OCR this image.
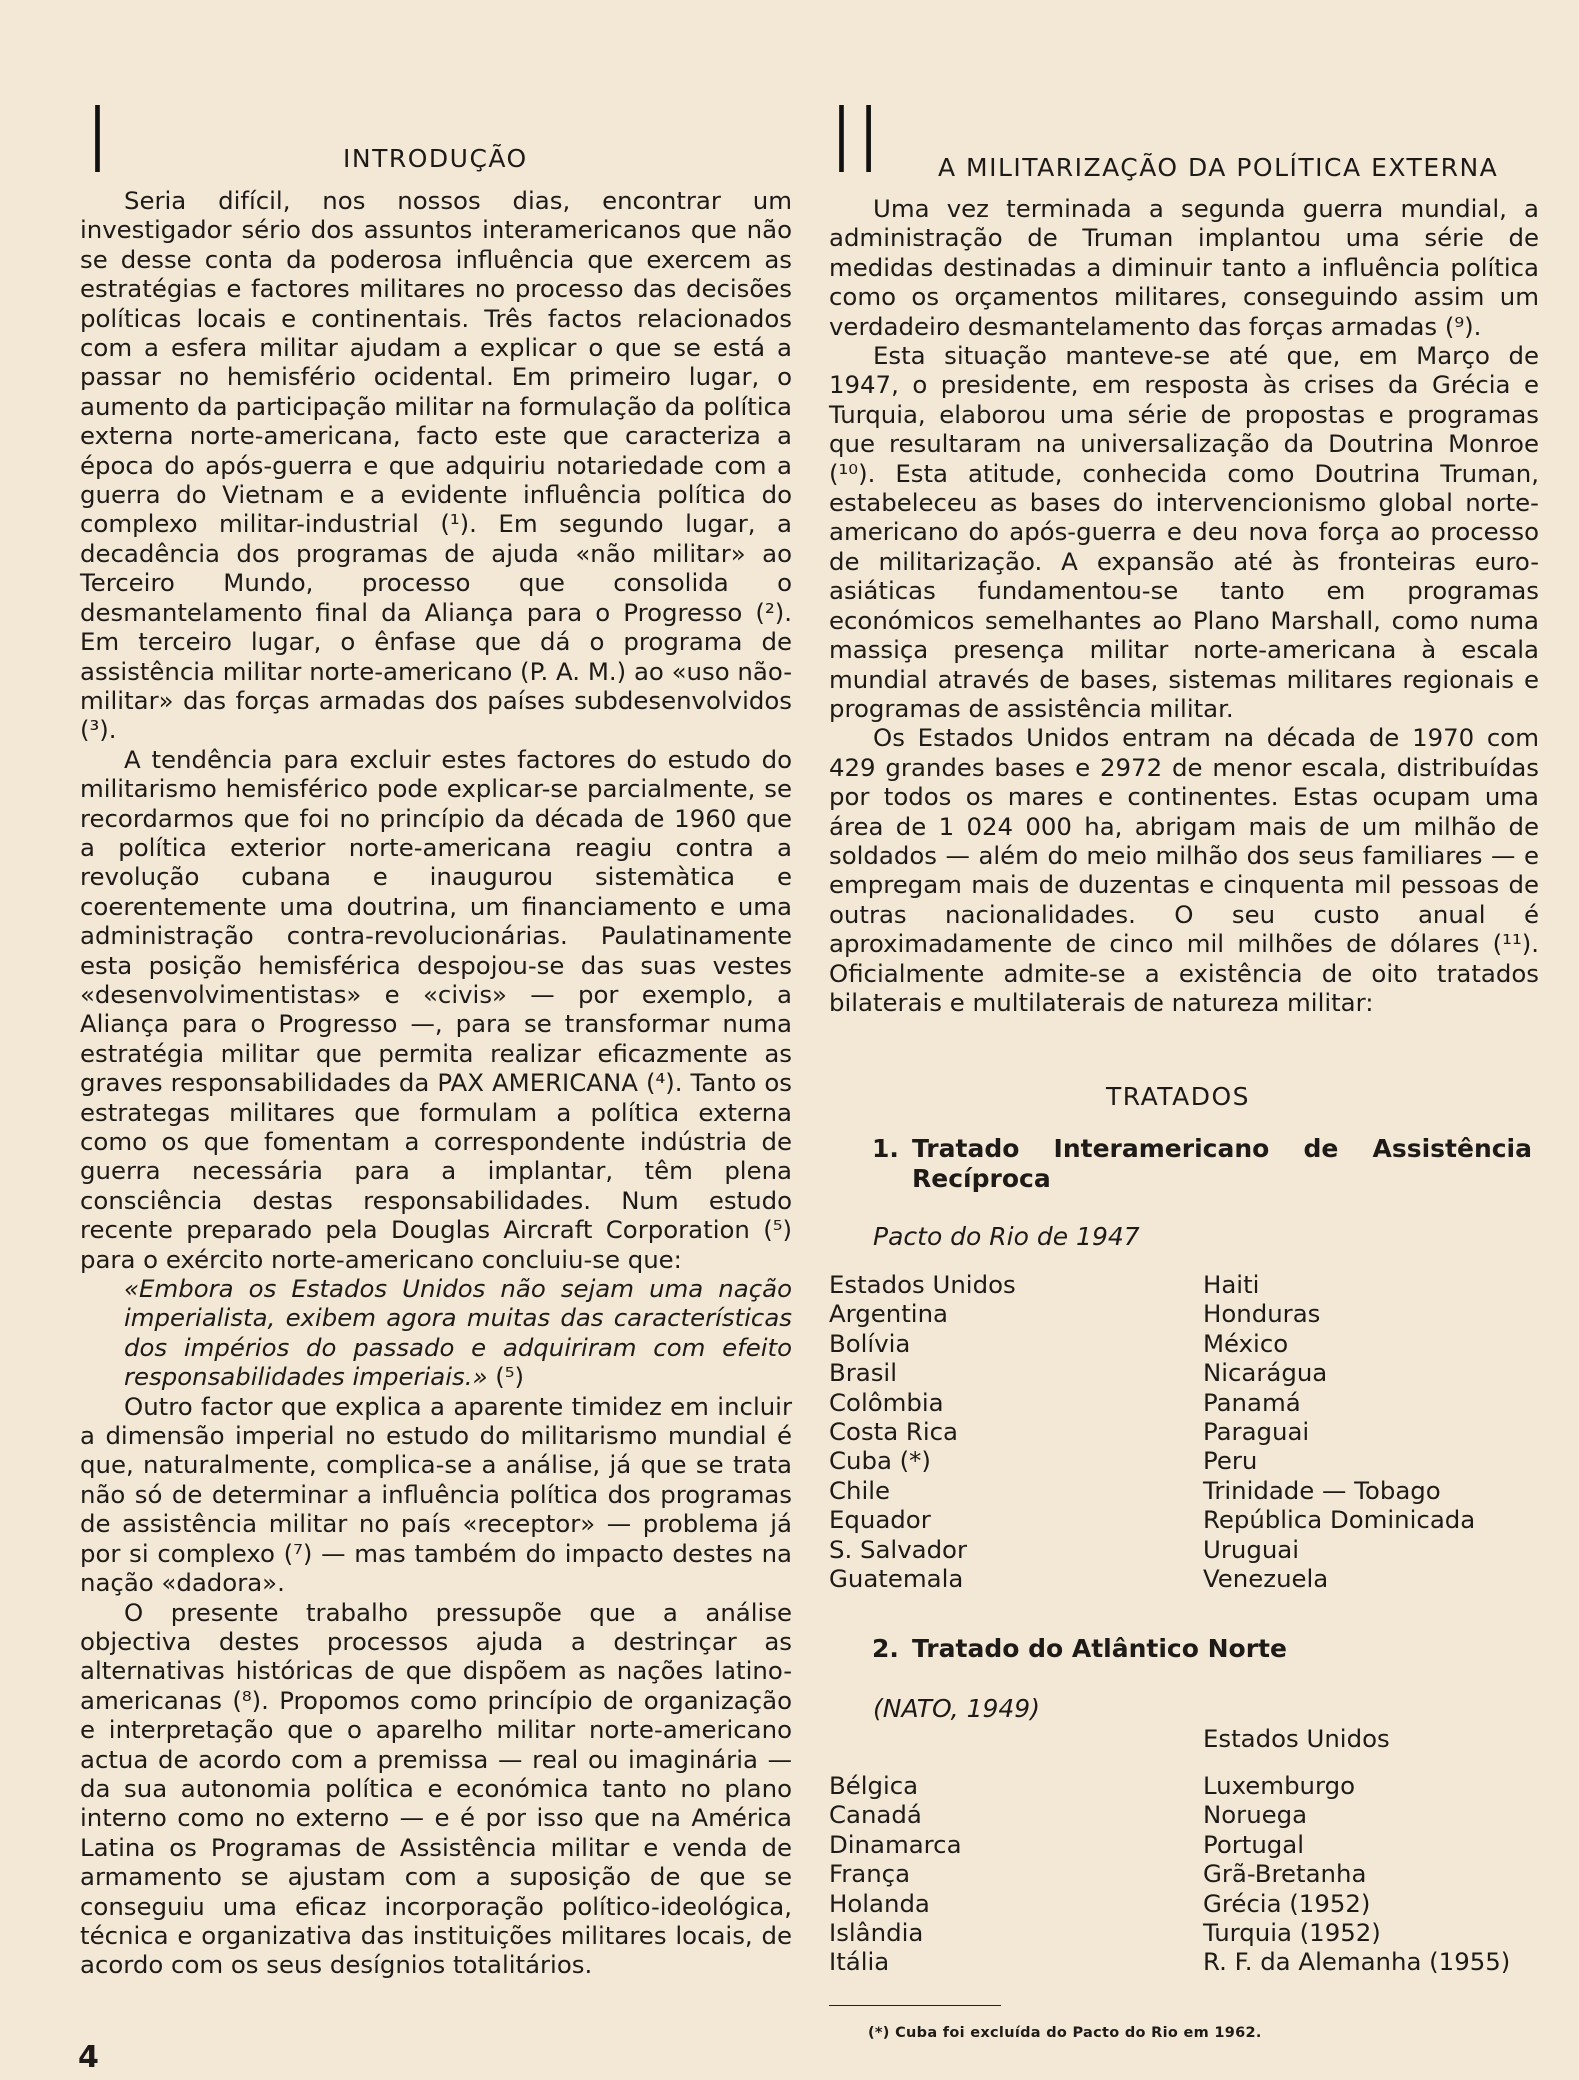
I	INTRODUÇÃO

Seria difícil, nos nossos dias, encontrar um investigador sério dos assuntos interamericanos que não se desse conta da poderosa influência que exercem as estratégias e factores militares no processo das decisões políticas locais e continentais. Três factos relacionados com a esfera militar ajudam a explicar o que se está a passar no hemisfério ocidental. Em primeiro lugar, o aumento da participação militar na formulação da política externa norte-americana, facto este que caracteriza a época do após-guerra e que adquiriu notariedade com a guerra do Vietnam e a evidente influência política do complexo militar-industrial (¹). Em segundo lugar, a decadência dos programas de ajuda «não militar» ao Terceiro Mundo, processo que consolida o desmantelamento final da Aliança para o Progresso (²). Em terceiro lugar, o ênfase que dá o programa de assistência militar norte-americano (P. A. M.) ao «uso não-militar» das forças armadas dos países subdesenvolvidos (³).

A tendência para excluir estes factores do estudo do militarismo hemisférico pode explicar-se parcialmente, se recordarmos que foi no princípio da década de 1960 que a política exterior norte-americana reagiu contra a revolução cubana e inaugurou sistemàtica e coerentemente uma doutrina, um financiamento e uma administração contra-revolucionárias. Paulatinamente esta posição hemisférica despojou-se das suas vestes «desenvolvimentistas» e «civis» — por exemplo, a Aliança para o Progresso —, para se transformar numa estratégia militar que permita realizar eficazmente as graves responsabilidades da PAX AMERICANA (⁴). Tanto os estrategas militares que formulam a política externa como os que fomentam a correspondente indústria de guerra necessária para a implantar, têm plena consciência destas responsabilidades. Num estudo recente preparado pela Douglas Aircraft Corporation (⁵) para o exército norte-americano concluiu-se que:

«Embora os Estados Unidos não sejam uma nação imperialista, exibem agora muitas das características dos impérios do passado e adquiriram com efeito responsabilidades imperiais.» (⁵)

Outro factor que explica a aparente timidez em incluir a dimensão imperial no estudo do militarismo mundial é que, naturalmente, complica-se a análise, já que se trata não só de determinar a influência política dos programas de assistência militar no país «receptor» — problema já por si complexo (⁷) — mas também do impacto destes na nação «dadora».

O presente trabalho pressupõe que a análise objectiva destes processos ajuda a destrinçar as alternativas históricas de que dispõem as nações latino-americanas (⁸). Propomos como princípio de organização e interpretação que o aparelho militar norte-americano actua de acordo com a premissa — real ou imaginária — da sua autonomia política e económica tanto no plano interno como no externo — e é por isso que na América Latina os Programas de Assistência militar e venda de armamento se ajustam com a suposição de que se conseguiu uma eficaz incorporação político-ideológica, técnica e organizativa das instituições militares locais, de acordo com os seus desígnios totalitários.

II A MILITARIZAÇÃO DA POLÍTICA EXTERNA

Uma vez terminada a segunda guerra mundial, a administração de Truman implantou uma série de medidas destinadas a diminuir tanto a influência política como os orçamentos militares, conseguindo assim um verdadeiro desmantelamento das forças armadas (⁹).

Esta situação manteve-se até que, em Março de 1947, o presidente, em resposta às crises da Grécia e Turquia, elaborou uma série de propostas e programas que resultaram na universalização da Doutrina Monroe (¹⁰). Esta atitude, conhecida como Doutrina Truman, estabeleceu as bases do intervencionismo global norte-americano do após-guerra e deu nova força ao processo de militarização. A expansão até às fronteiras euro-asiáticas fundamentou-se tanto em programas económicos semelhantes ao Plano Marshall, como numa massiça presença militar norte-americana à escala mundial através de bases, sistemas militares regionais e programas de assistência militar.

Os Estados Unidos entram na década de 1970 com 429 grandes bases e 2972 de menor escala, distribuídas por todos os mares e continentes. Estas ocupam uma área de 1 024 000 ha, abrigam mais de um milhão de soldados — além do meio milhão dos seus familiares — e empregam mais de duzentas e cinquenta mil pessoas de outras nacionalidades. O seu custo anual é aproximadamente de cinco mil milhões de dólares (¹¹). Oficialmente admite-se a existência de oito tratados bilaterais e multilaterais de natureza militar:

TRATADOS
1. Tratado Interamericano de Assistência Recíproca
Pacto do Rio de 1947
Estados Unidos
Argentina
Bolívia
Brasil
Colômbia
Costa Rica
Cuba (*)
Chile
Equador
S. Salvador
Guatemala
Haiti
Honduras
México
Nicarágua
Panamá
Paraguai
Peru
Trinidade — Tobago
República Dominicada
Uruguai
Venezuela
2. Tratado do Atlântico Norte
(NATO, 1949)
Estados Unidos
Bélgica
Canadá
Dinamarca
França
Holanda
Islândia
Itália
Luxemburgo
Noruega
Portugal
Grã-Bretanha
Grécia (1952)
Turquia (1952)
R. F. da Alemanha (1955)
(*) Cuba foi excluída do Pacto do Rio em 1962.
4
